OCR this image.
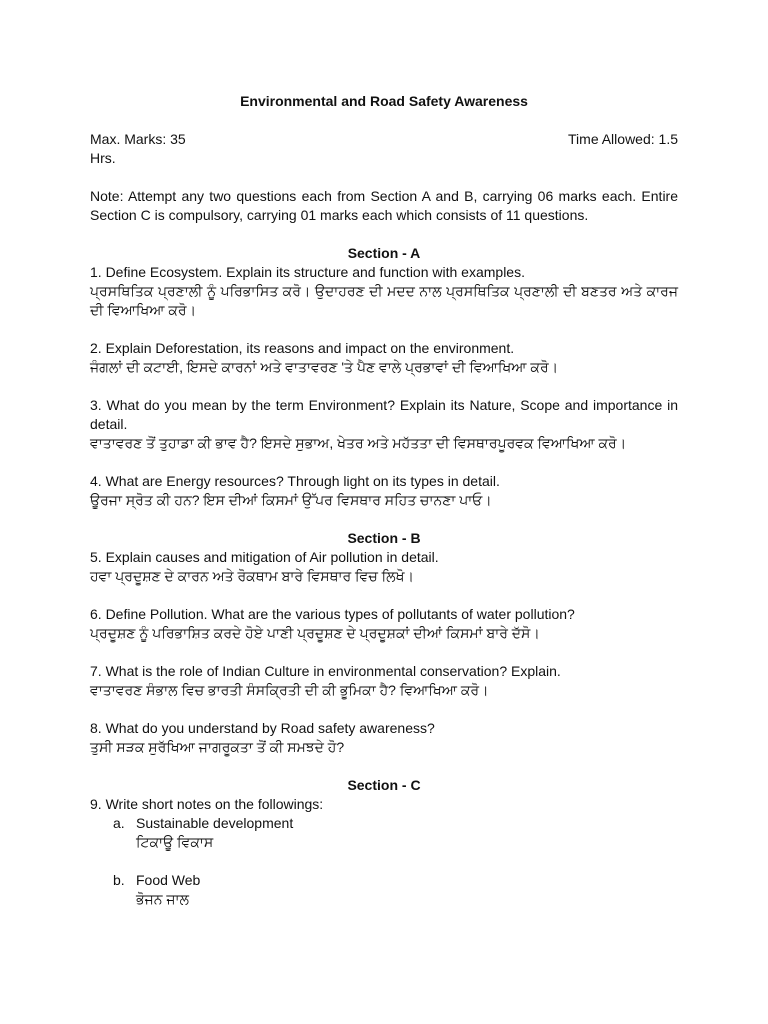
Environmental and Road Safety Awareness
Max. Marks: 35	Time Allowed: 1.5
Hrs.
Note: Attempt any two questions each from Section A and B, carrying 06 marks each. Entire Section C is compulsory, carrying 01 marks each which consists of 11 questions.
Section - A
1. Define Ecosystem. Explain its structure and function with examples.
ਪ੍ਰਸਥਿਤਿਕ ਪ੍ਰਣਾਲੀ ਨੂੰ ਪਰਿਭਾਸਿਤ ਕਰੋ। ਉਦਾਹਰਣ ਦੀ ਮਦਦ ਨਾਲ ਪ੍ਰਸਥਿਤਿਕ ਪ੍ਰਣਾਲੀ ਦੀ ਬਣਤਰ ਅਤੇ ਕਾਰਜ ਦੀ ਵਿਆਖਿਆ ਕਰੋ।
2. Explain Deforestation, its reasons and impact on the environment.
ਜੰਗਲਾਂ ਦੀ ਕਟਾਈ, ਇਸਦੇ ਕਾਰਨਾਂ ਅਤੇ ਵਾਤਾਵਰਣ 'ਤੇ ਪੈਣ ਵਾਲੇ ਪ੍ਰਭਾਵਾਂ ਦੀ ਵਿਆਖਿਆ ਕਰੋ।
3. What do you mean by the term Environment? Explain its Nature, Scope and importance in detail.
ਵਾਤਾਵਰਣ ਤੋਂ ਤੁਹਾਡਾ ਕੀ ਭਾਵ ਹੈ? ਇਸਦੇ ਸੁਭਾਅ, ਖੇਤਰ ਅਤੇ ਮਹੱਤਤਾ ਦੀ ਵਿਸਥਾਰਪੂਰਵਕ ਵਿਆਖਿਆ ਕਰੋ।
4. What are Energy resources? Through light on its types in detail.
ਊਰਜਾ ਸ੍ਰੋਤ ਕੀ ਹਨ? ਇਸ ਦੀਆਂ ਕਿਸਮਾਂ ਉੱਪਰ ਵਿਸਥਾਰ ਸਹਿਤ ਚਾਨਣਾ ਪਾਓ।
Section - B
5. Explain causes and mitigation of Air pollution in detail.
ਹਵਾ ਪ੍ਰਦੂਸ਼ਣ ਦੇ ਕਾਰਨ ਅਤੇ ਰੋਕਥਾਮ ਬਾਰੇ ਵਿਸਥਾਰ ਵਿਚ ਲਿਖੋ।
6. Define Pollution. What are the various types of pollutants of water pollution?
ਪ੍ਰਦੂਸ਼ਣ ਨੂੰ ਪਰਿਭਾਸ਼ਿਤ ਕਰਦੇ ਹੋਏ ਪਾਣੀ ਪ੍ਰਦੂਸ਼ਣ ਦੇ ਪ੍ਰਦੂਸ਼ਕਾਂ ਦੀਆਂ ਕਿਸਮਾਂ ਬਾਰੇ ਦੱਸੋ।
7. What is the role of Indian Culture in environmental conservation? Explain.
ਵਾਤਾਵਰਣ ਸੰਭਾਲ ਵਿਚ ਭਾਰਤੀ ਸੰਸਕ੍ਰਿਤੀ ਦੀ ਕੀ ਭੂਮਿਕਾ ਹੈ? ਵਿਆਖਿਆ ਕਰੋ।
8. What do you understand by Road safety awareness?
ਤੁਸੀ ਸੜਕ ਸੁਰੱਖਿਆ ਜਾਗਰੂਕਤਾ ਤੋਂ ਕੀ ਸਮਝਦੇ ਹੋ?
Section - C
9. Write short notes on the followings:
a. Sustainable development
ਟਿਕਾਊ ਵਿਕਾਸ
b. Food Web
ਭੋਜਨ ਜਾਲ
